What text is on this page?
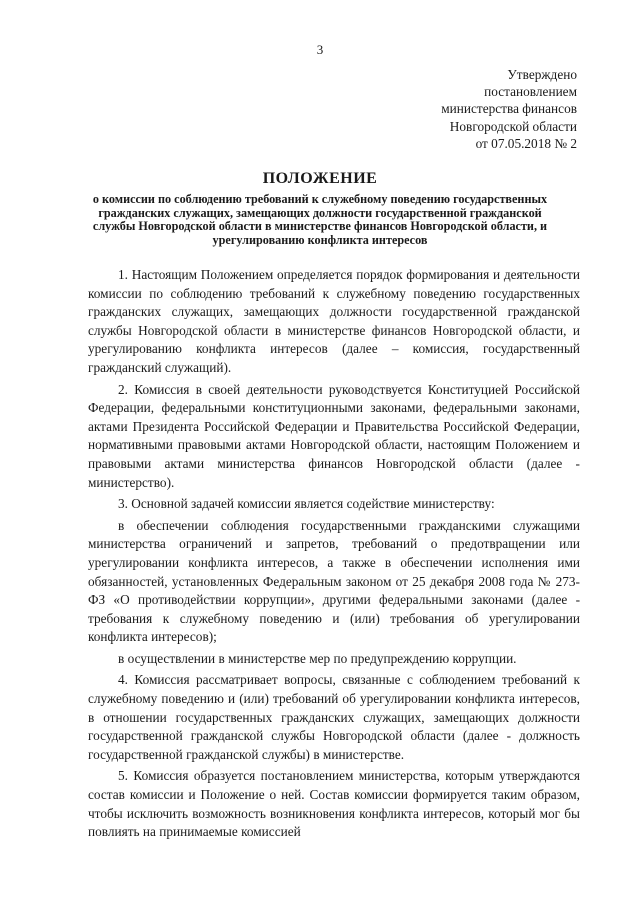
3

Утверждено
постановлением
министерства финансов
Новгородской области
от 07.05.2018 № 2
ПОЛОЖЕНИЕ
о комиссии по соблюдению требований к служебному поведению государственных гражданских служащих, замещающих должности государственной гражданской службы Новгородской области в министерстве финансов Новгородской области, и урегулированию конфликта интересов

1. Настоящим Положением определяется порядок формирования и деятельности комиссии по соблюдению требований к служебному поведению государственных гражданских служащих, замещающих должности государственной гражданской службы Новгородской области в министерстве финансов Новгородской области, и урегулированию конфликта интересов (далее – комиссия, государственный гражданский служащий).

2. Комиссия в своей деятельности руководствуется Конституцией Российской Федерации, федеральными конституционными законами, федеральными законами, актами Президента Российской Федерации и Правительства Российской Федерации, нормативными правовыми актами Новгородской области, настоящим Положением и правовыми актами министерства финансов Новгородской области (далее - министерство).

3. Основной задачей комиссии является содействие министерству:

в обеспечении соблюдения государственными гражданскими служащими министерства ограничений и запретов, требований о предотвращении или урегулировании конфликта интересов, а также в обеспечении исполнения ими обязанностей, установленных Федеральным законом от 25 декабря 2008 года № 273-ФЗ «О противодействии коррупции», другими федеральными законами (далее - требования к служебному поведению и (или) требования об урегулировании конфликта интересов);

в осуществлении в министерстве мер по предупреждению коррупции.

4. Комиссия рассматривает вопросы, связанные с соблюдением требований к служебному поведению и (или) требований об урегулировании конфликта интересов, в отношении государственных гражданских служащих, замещающих должности государственной гражданской службы Новгородской области (далее - должность государственной гражданской службы) в министерстве.

5. Комиссия образуется постановлением министерства, которым утверждаются состав комиссии и Положение о ней. Состав комиссии формируется таким образом, чтобы исключить возможность возникновения конфликта интересов, который мог бы повлиять на принимаемые комиссией
